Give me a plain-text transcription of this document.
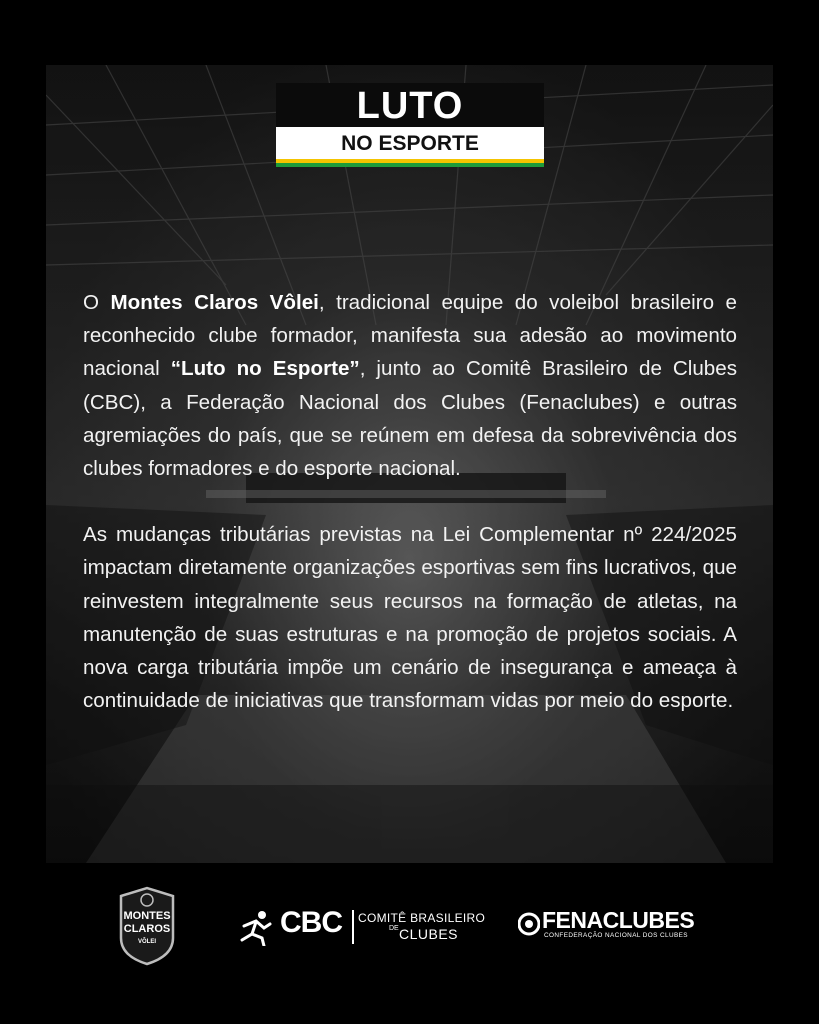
LUTO
NO ESPORTE

O Montes Claros Vôlei, tradicional equipe do voleibol brasileiro e reconhecido clube formador, manifesta sua adesão ao movimento nacional “Luto no Esporte”, junto ao Comitê Brasileiro de Clubes (CBC), a Federação Nacional dos Clubes (Fenaclubes) e outras agremiações do país, que se reúnem em defesa da sobrevivência dos clubes formadores e do esporte nacional.

As mudanças tributárias previstas na Lei Complementar nº 224/2025 impactam diretamente organizações esportivas sem fins lucrativos, que reinvestem integralmente seus recursos na formação de atletas, na manutenção de suas estruturas e na promoção de projetos sociais. A nova carga tributária impõe um cenário de insegurança e ameaça à continuidade de iniciativas que transformam vidas por meio do esporte.

MONTES
CLAROS
VÔLEI
CBC COMITÊ BRASILEIRO
DE CLUBES
FENACLUBES
CONFEDERAÇÃO NACIONAL DOS CLUBES
